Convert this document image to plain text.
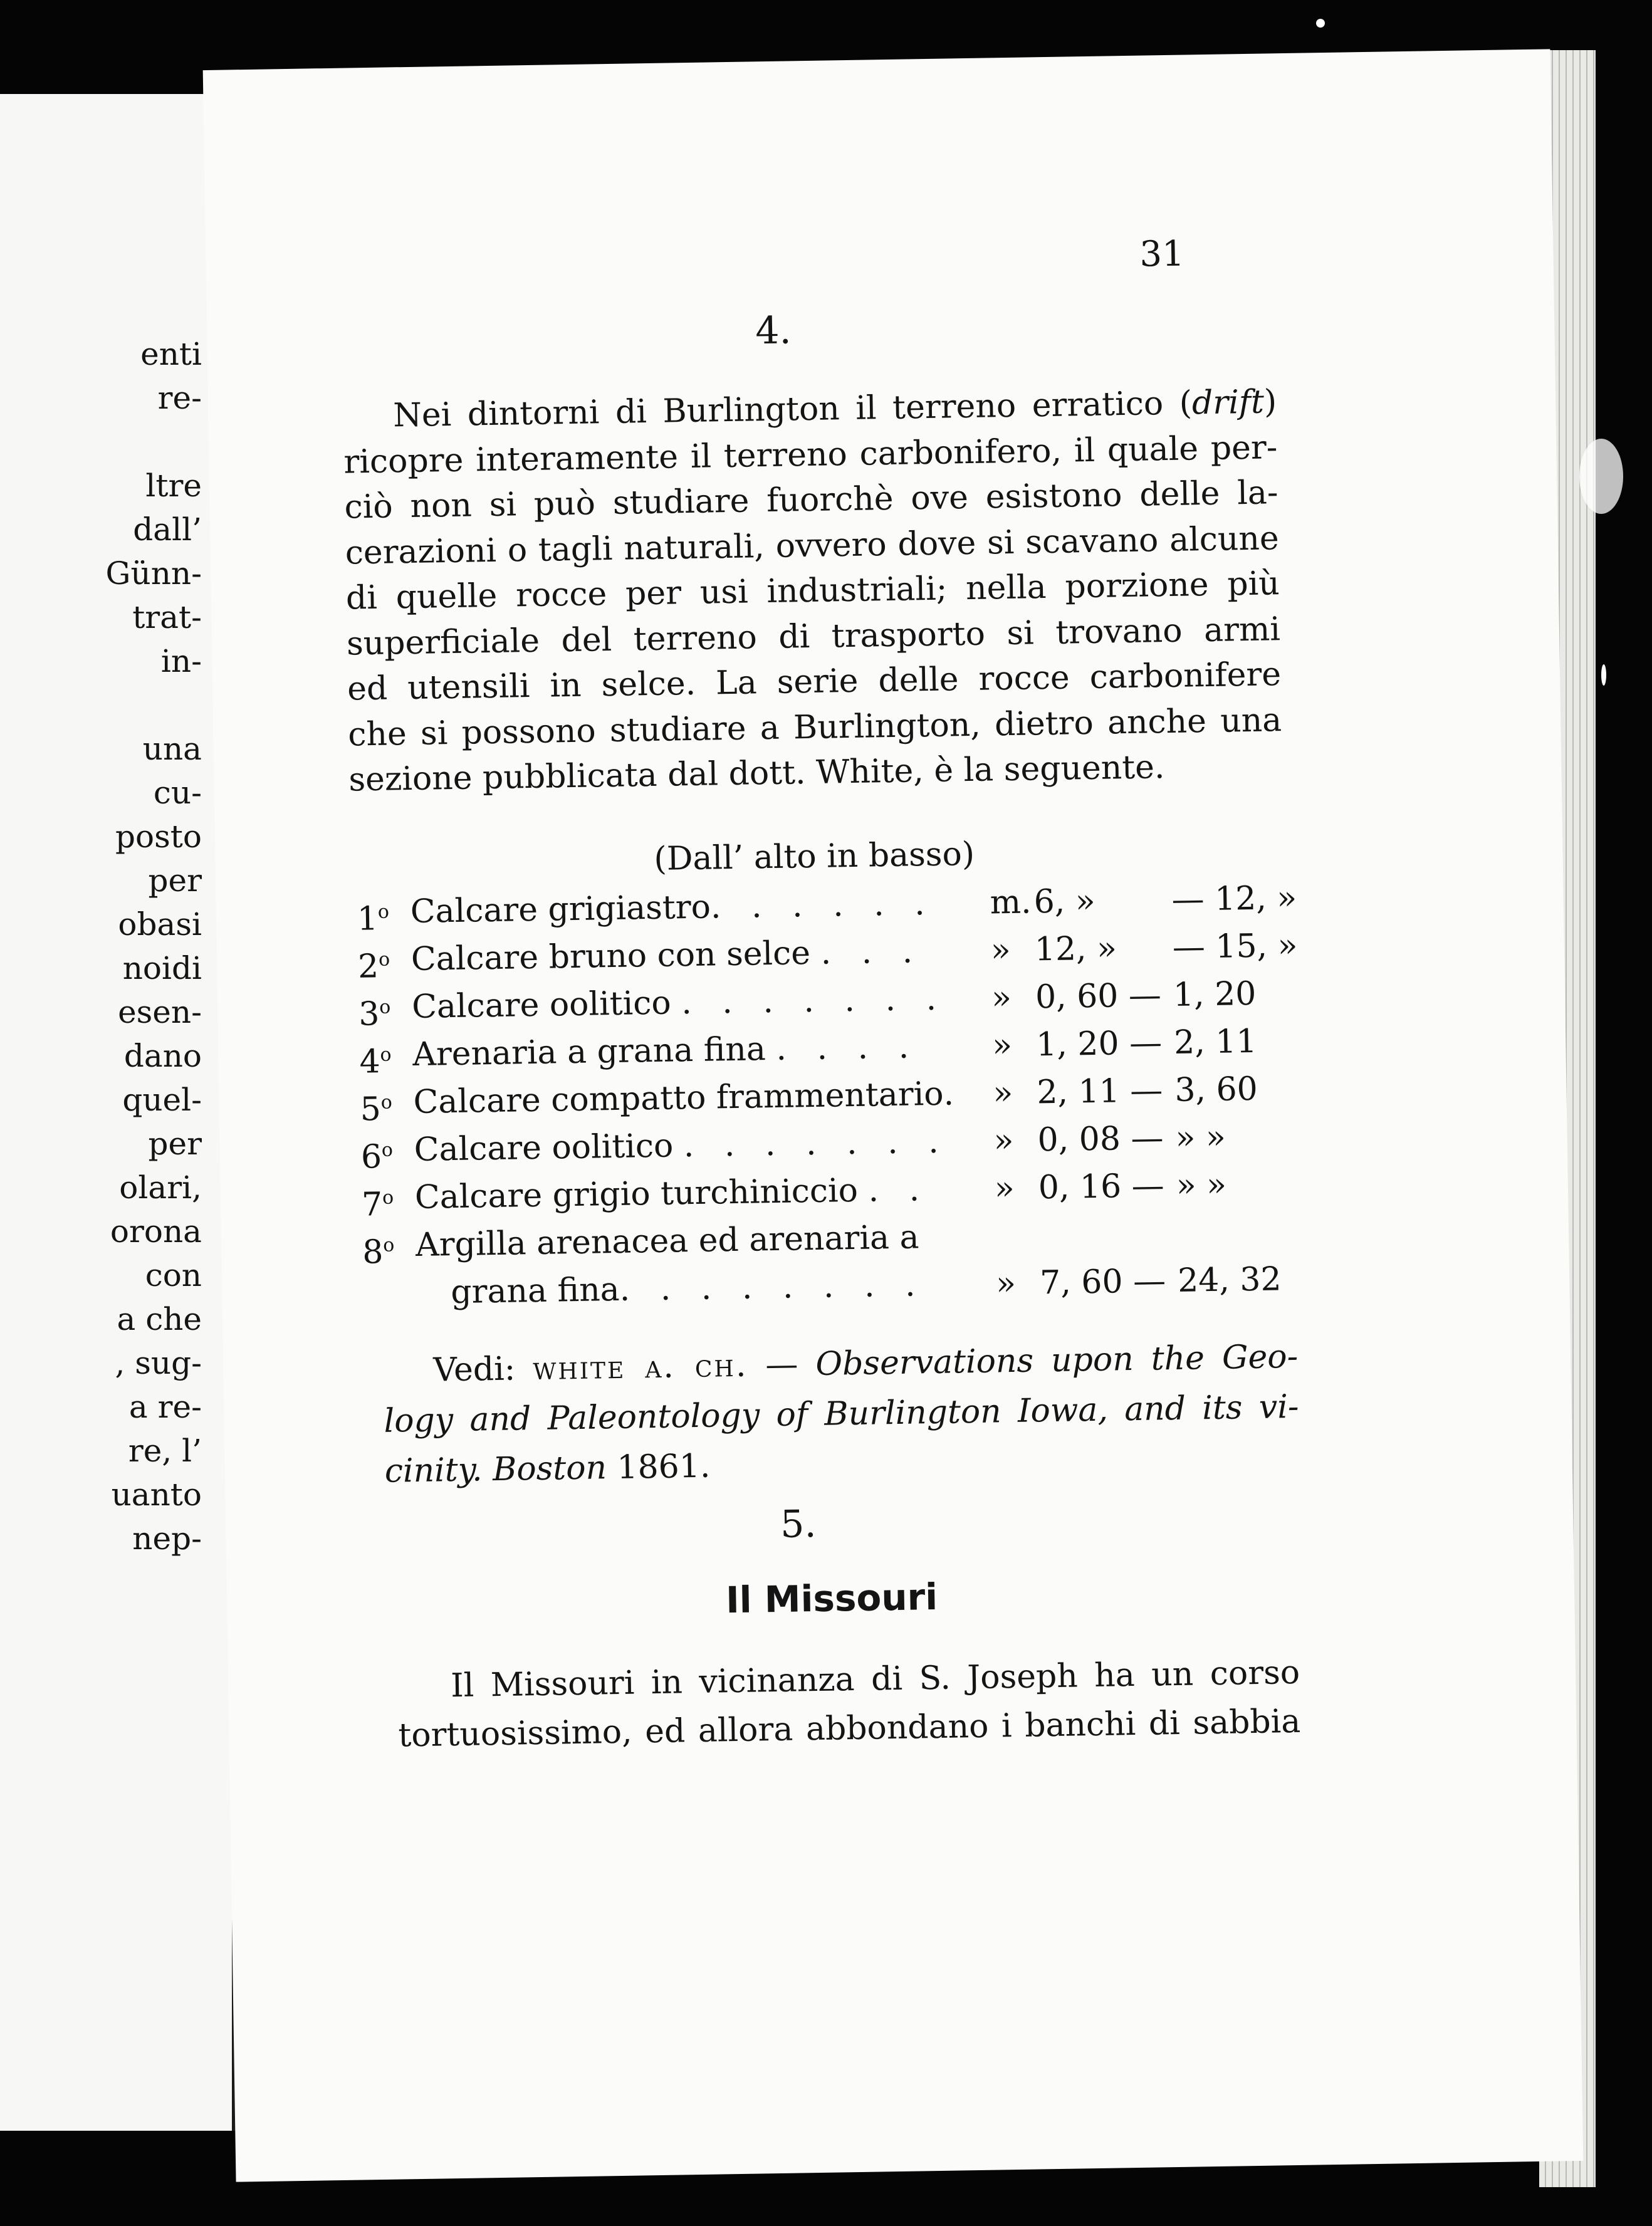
enti
re-
ltre
dall’
Günn-
trat-
in-
una
cu-
posto
per
obasi
noidi
esen-
dano
quel-
per
olari,
orona
con
a che
, sug-
a re-
re, l’
uanto
nep-
31
4.
Nei dintorni di Burlington il terreno erratico (drift)
ricopre interamente il terreno carbonifero, il quale per-
ciò non si può studiare fuorchè ove esistono delle la-
cerazioni o tagli naturali, ovvero dove si scavano alcune
di quelle rocce per usi industriali; nella porzione più
superficiale del terreno di trasporto si trovano armi
ed utensili in selce. La serie delle rocce carbonifere
che si possono studiare a Burlington, dietro anche una
sezione pubblicata dal dott. White, è la seguente.
(Dall’ alto in basso)
1$^o$ Calcare grigiastro. . . . . . m. 6, » — 12, »
2$^o$ Calcare bruno con selce . . . » 12, » — 15, »
3$^o$ Calcare oolitico . . . . . . . » 0, 60 — 1, 20
4$^o$ Arenaria a grana fina . . . . » 1, 20 — 2, 11
5$^o$ Calcare compatto frammentario. » 2, 11 — 3, 60
6$^o$ Calcare oolitico . . . . . . . » 0, 08 — » »
7$^o$ Calcare grigio turchiniccio . . » 0, 16 — » »
8$^o$ Argilla arenacea ed arenaria a
grana fina. . . . . . . . » 7, 60 — 24, 32
Vedi: white a. ch. — Observations upon the Geo-
logy and Paleontology of Burlington Iowa, and its vi-
cinity. Boston 1861.
5.
Il Missouri
Il Missouri in vicinanza di S. Joseph ha un corso
tortuosissimo, ed allora abbondano i banchi di sabbia
